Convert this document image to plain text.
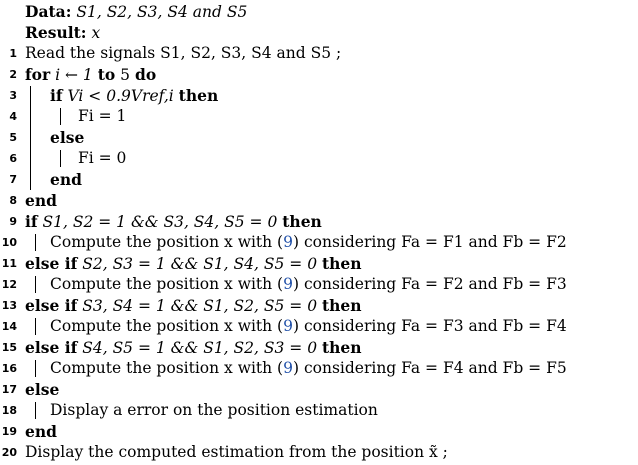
Data: S1, S2, S3, S4 and S5
Result: x
1 Read the signals S1, S2, S3, S4 and S5 ;
2 for i ← 1 to 5 do
3 if Vi < 0.9Vref,i then
4	Fi = 1
5 else
6	Fi = 0
7 end
8 end
9 if S1, S2 = 1 && S3, S4, S5 = 0 then
10 Compute the position x with (9) considering Fa = F1 and Fb = F2
11 else if S2, S3 = 1 && S1, S4, S5 = 0 then
12 Compute the position x with (9) considering Fa = F2 and Fb = F3
13 else if S3, S4 = 1 && S1, S2, S5 = 0 then
14 Compute the position x with (9) considering Fa = F3 and Fb = F4
15 else if S4, S5 = 1 && S1, S2, S3 = 0 then
16 Compute the position x with (9) considering Fa = F4 and Fb = F5
17 else
18 Display a error on the position estimation
19 end
20 Display the computed estimation from the position x̃ ;
